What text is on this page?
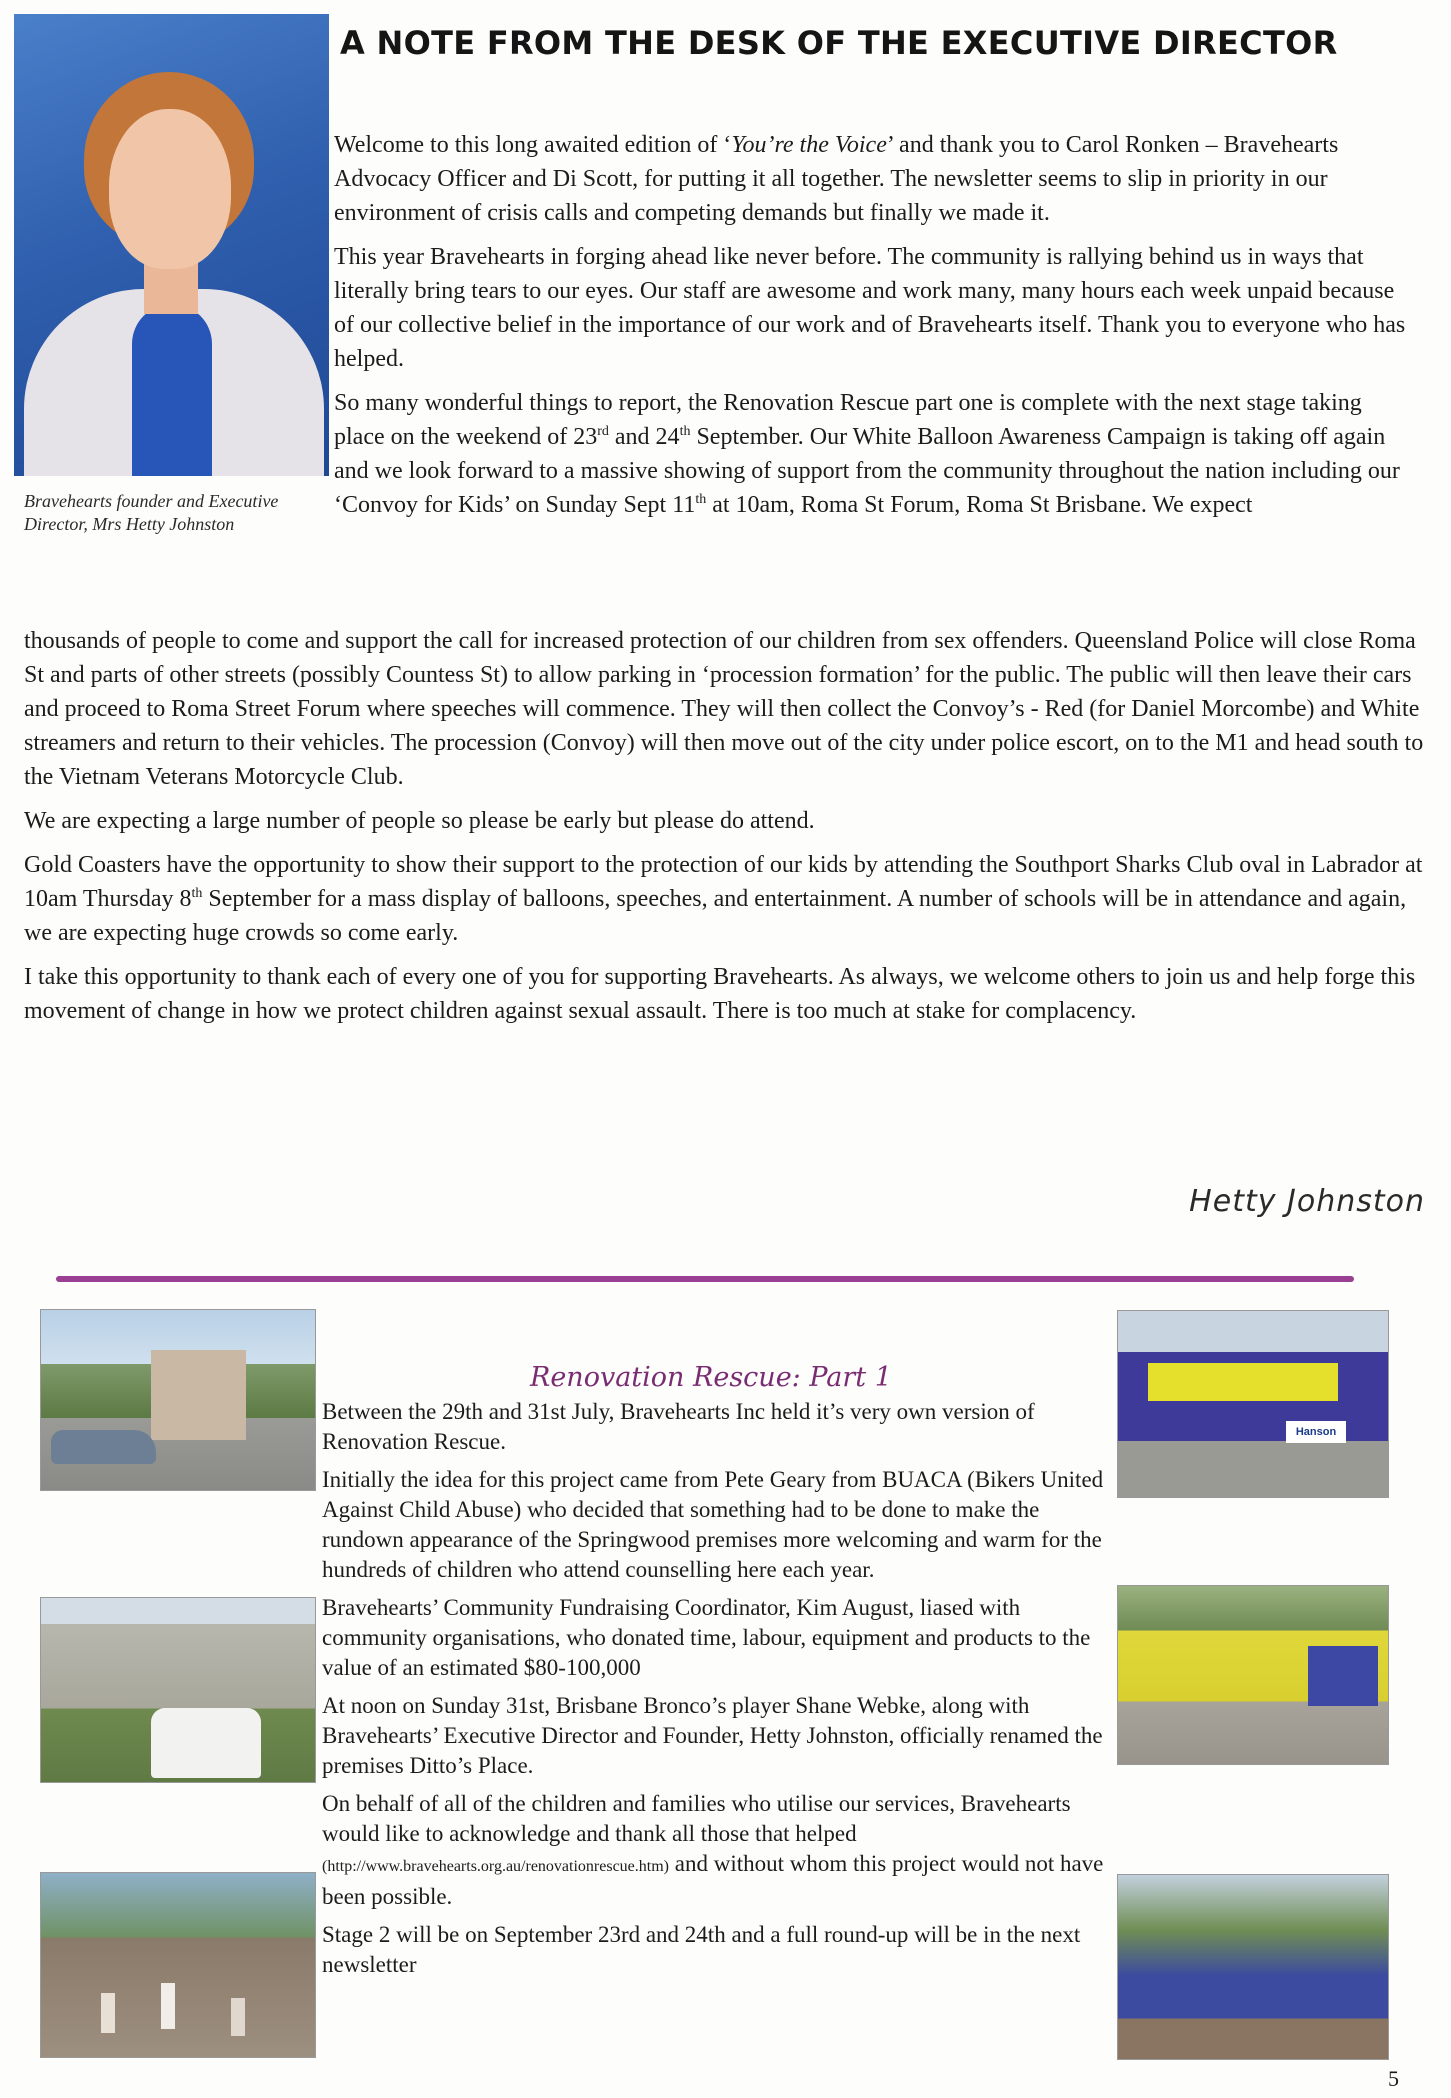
Bravehearts founder and Executive Director, Mrs Hetty Johnston
A NOTE FROM THE DESK OF THE EXECUTIVE DIRECTOR

Welcome to this long awaited edition of ‘You’re the Voice’ and thank you to Carol Ronken – Bravehearts Advocacy Officer and Di Scott, for putting it all together. The newsletter seems to slip in priority in our environment of crisis calls and competing demands but finally we made it.

This year Bravehearts in forging ahead like never before. The community is rallying behind us in ways that literally bring tears to our eyes. Our staff are awesome and work many, many hours each week unpaid because of our collective belief in the importance of our work and of Bravehearts itself. Thank you to everyone who has helped.

So many wonderful things to report, the Renovation Rescue part one is complete with the next stage taking place on the weekend of 23rd and 24th September. Our White Balloon Awareness Campaign is taking off again and we look forward to a massive showing of support from the community throughout the nation including our ‘Convoy for Kids’ on Sunday Sept 11th at 10am, Roma St Forum, Roma St Brisbane. We expect

thousands of people to come and support the call for increased protection of our children from sex offenders. Queensland Police will close Roma St and parts of other streets (possibly Countess St) to allow parking in ‘procession formation’ for the public. The public will then leave their cars and proceed to Roma Street Forum where speeches will commence. They will then collect the Convoy’s - Red (for Daniel Morcombe) and White streamers and return to their vehicles. The procession (Convoy) will then move out of the city under police escort, on to the M1 and head south to the Vietnam Veterans Motorcycle Club.

We are expecting a large number of people so please be early but please do attend.

Gold Coasters have the opportunity to show their support to the protection of our kids by attending the Southport Sharks Club oval in Labrador at 10am Thursday 8th September for a mass display of balloons, speeches, and entertainment. A number of schools will be in attendance and again, we are expecting huge crowds so come early.

I take this opportunity to thank each of every one of you for supporting Bravehearts. As always, we welcome others to join us and help forge this movement of change in how we protect children against sexual assault. There is too much at stake for complacency.

Hetty Johnston
Hanson
Renovation Rescue: Part 1

Between the 29th and 31st July, Bravehearts Inc held it’s very own version of Renovation Rescue.

Initially the idea for this project came from Pete Geary from BUACA (Bikers United Against Child Abuse) who decided that something had to be done to make the rundown appearance of the Springwood premises more welcoming and warm for the hundreds of children who attend counselling here each year.

Bravehearts’ Community Fundraising Coordinator, Kim August, liased with community organisations, who donated time, labour, equipment and products to the value of an estimated $80-100,000

At noon on Sunday 31st, Brisbane Bronco’s player Shane Webke, along with Bravehearts’ Executive Director and Founder, Hetty Johnston, officially renamed the premises Ditto’s Place.

On behalf of all of the children and families who utilise our services, Bravehearts would like to acknowledge and thank all those that helped (http://www.bravehearts.org.au/renovationrescue.htm) and without whom this project would not have been possible.

Stage 2 will be on September 23rd and 24th and a full round-up will be in the next newsletter

5
